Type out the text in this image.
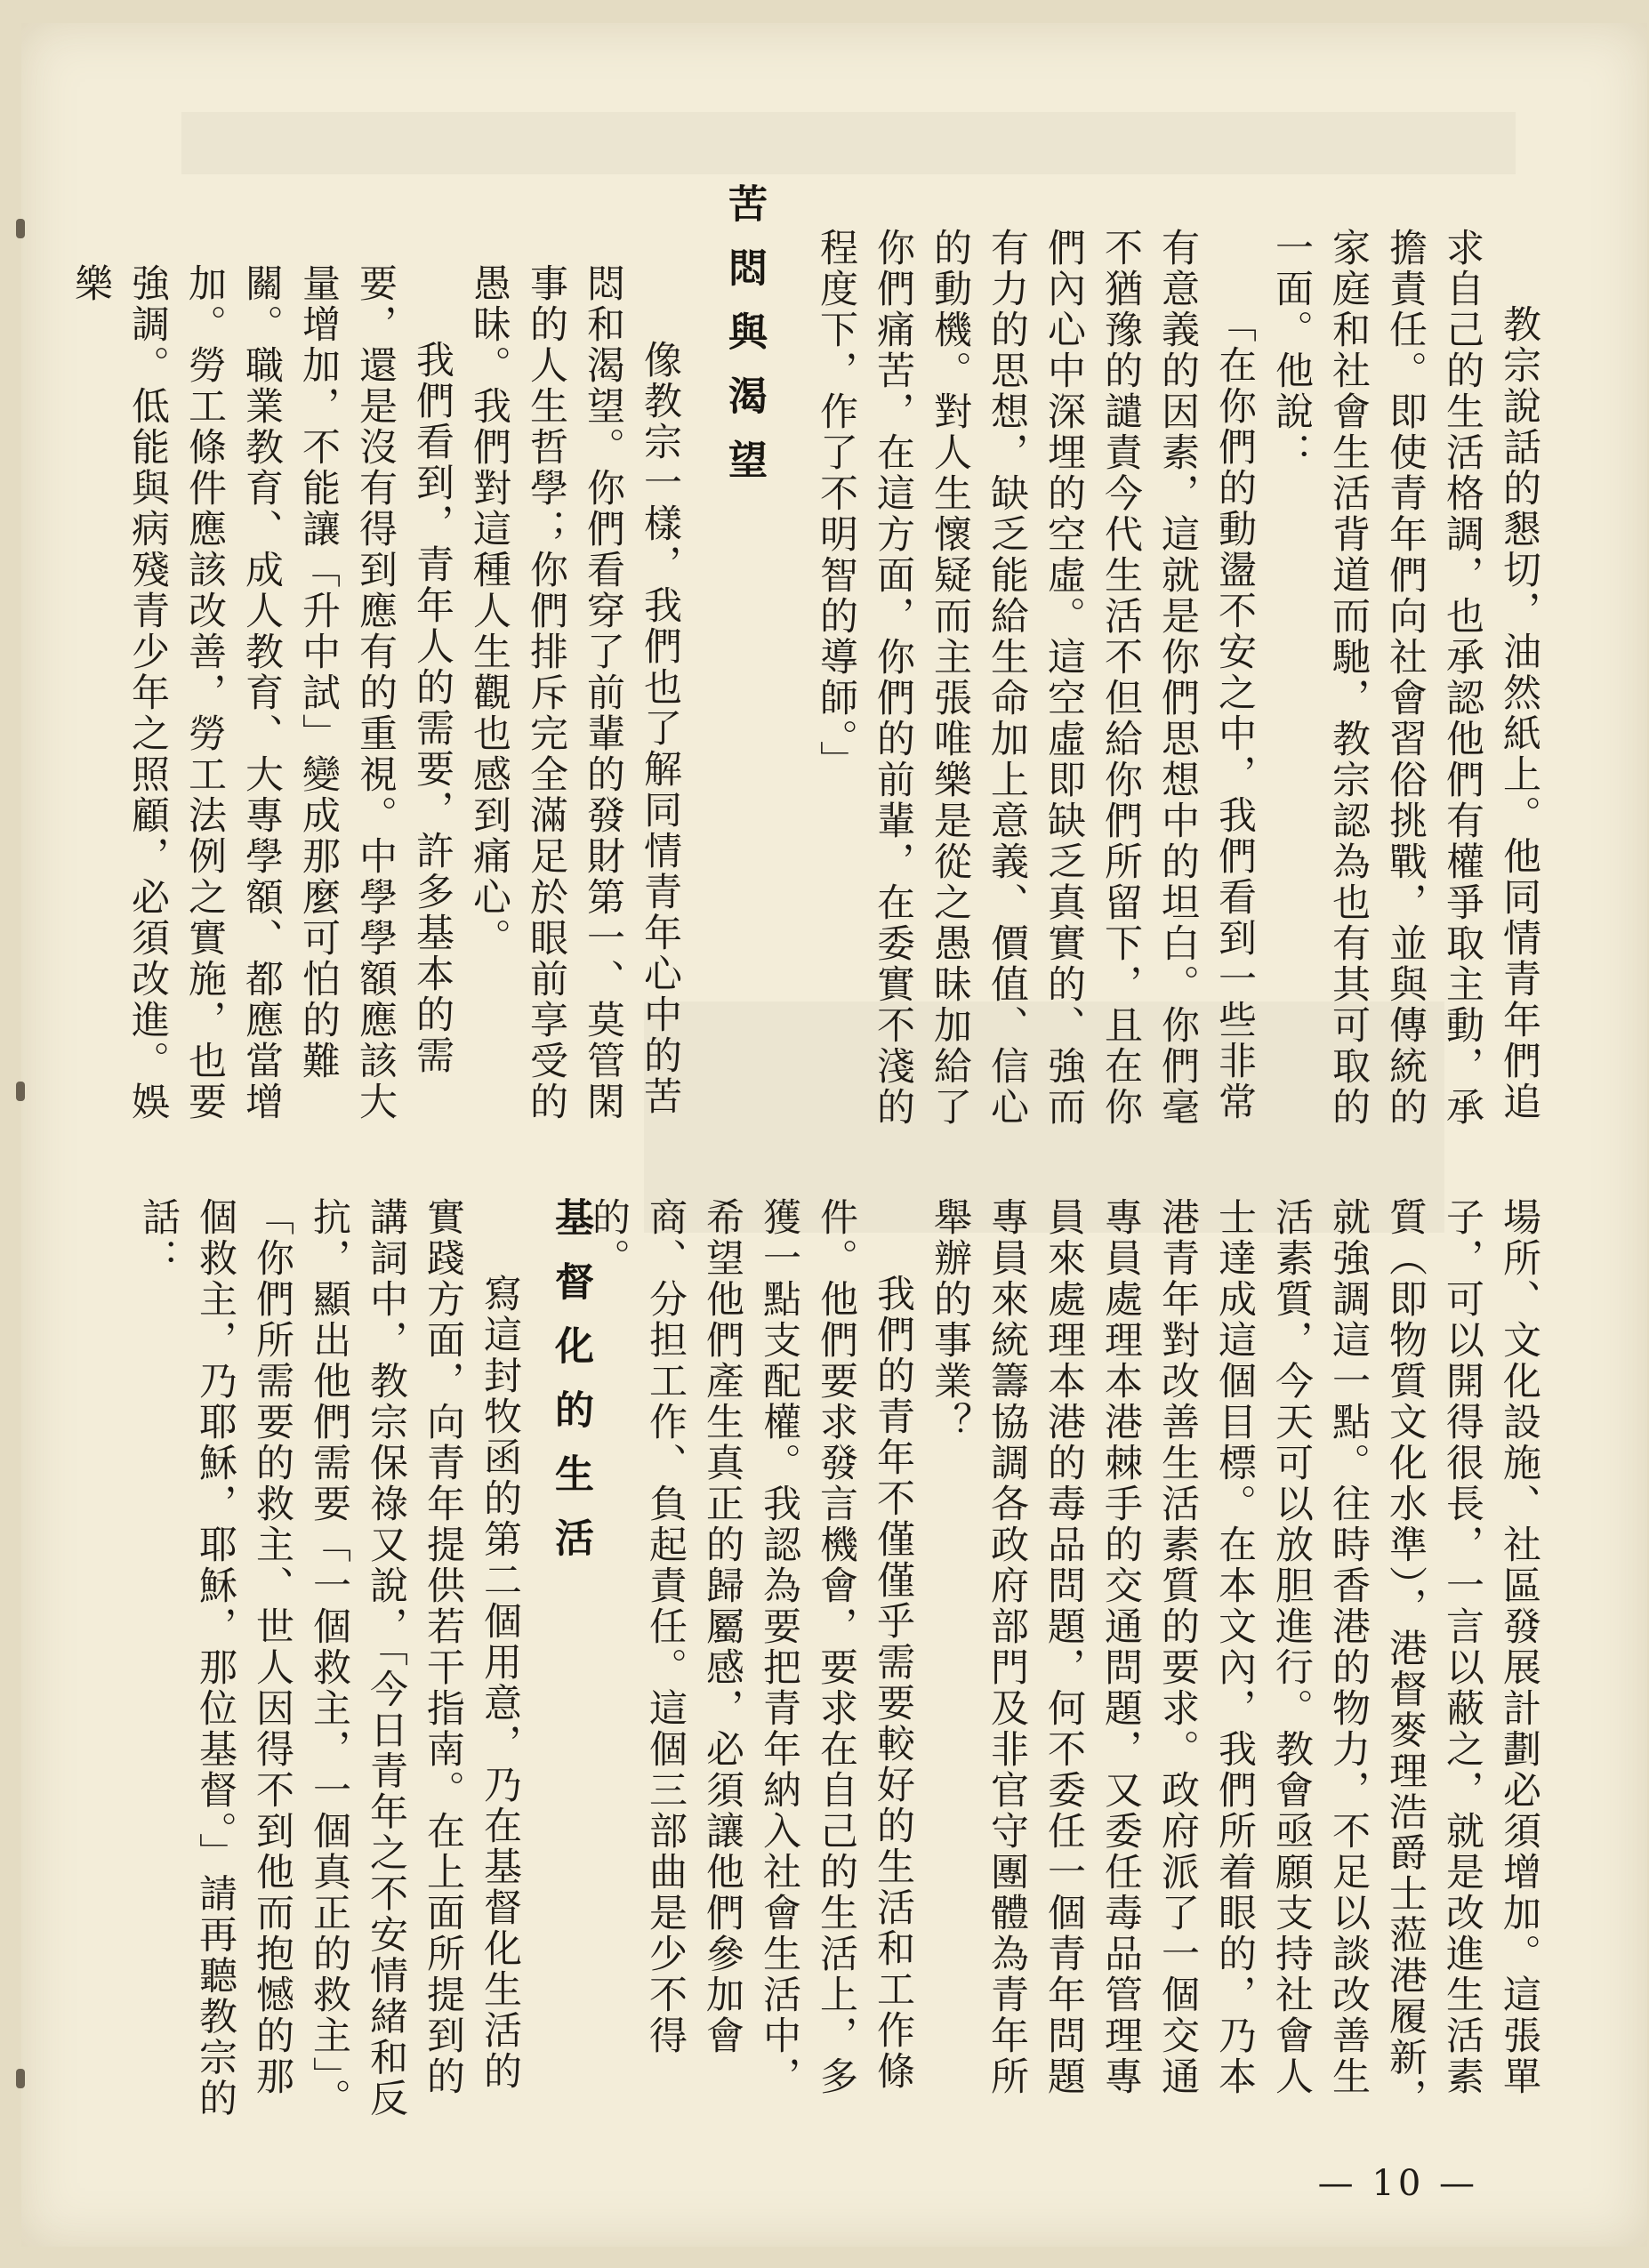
教宗說話的懇切，油然紙上。他同情青年們追求自己的生活格調，也承認他們有權爭取主動，承擔責任。即使青年們向社會習俗挑戰，並與傳統的家庭和社會生活背道而馳，教宗認為也有其可取的一面。他說：

「在你們的動盪不安之中，我們看到一些非常有意義的因素，這就是你們思想中的坦白。你們毫不猶豫的譴責今代生活不但給你們所留下，且在你們內心中深埋的空虛。這空虛即缺乏真實的、強而有力的思想，缺乏能給生命加上意義、價值、信心的動機。對人生懷疑而主張唯樂是從之愚昧加給了你們痛苦，在這方面，你們的前輩，在委實不淺的程度下，作了不明智的導師。」

苦悶與渴望

像教宗一樣，我們也了解同情青年心中的苦悶和渴望。你們看穿了前輩的發財第一、莫管閑事的人生哲學；你們排斥完全滿足於眼前享受的愚昧。我們對這種人生觀也感到痛心。

我們看到，青年人的需要，許多基本的需要，還是沒有得到應有的重視。中學學額應該大量增加，不能讓「升中試」變成那麼可怕的難關。職業教育、成人教育、大專學額、都應當增加。勞工條件應該改善，勞工法例之實施，也要強調。低能與病殘青少年之照顧，必須改進。娛樂

場所、文化設施、社區發展計劃必須增加。這張單子，可以開得很長，一言以蔽之，就是改進生活素質（即物質文化水準），港督麥理浩爵士蒞港履新，就強調這一點。往時香港的物力，不足以談改善生活素質，今天可以放胆進行。教會亟願支持社會人士達成這個目標。在本文內，我們所着眼的，乃本港青年對改善生活素質的要求。政府派了一個交通專員處理本港棘手的交通問題，又委任毒品管理專員來處理本港的毒品問題，何不委任一個青年問題專員來統籌協調各政府部門及非官守團體為青年所舉辦的事業？

我們的青年不僅僅乎需要較好的生活和工作條件。他們要求發言機會，要求在自己的生活上，多獲一點支配權。我認為要把青年納入社會生活中，希望他們產生真正的歸屬感，必須讓他們參加會商、分担工作、負起責任。這個三部曲是少不得的。

基督化的生活

寫這封牧函的第二個用意，乃在基督化生活的實踐方面，向青年提供若干指南。在上面所提到的講詞中，教宗保祿又說，「今日青年之不安情緒和反抗，顯出他們需要「一個救主，一個真正的救主」。「你們所需要的救主、世人因得不到他而抱憾的那個救主，乃耶穌，耶穌，那位基督。」請再聽教宗的話：

— 10 —
